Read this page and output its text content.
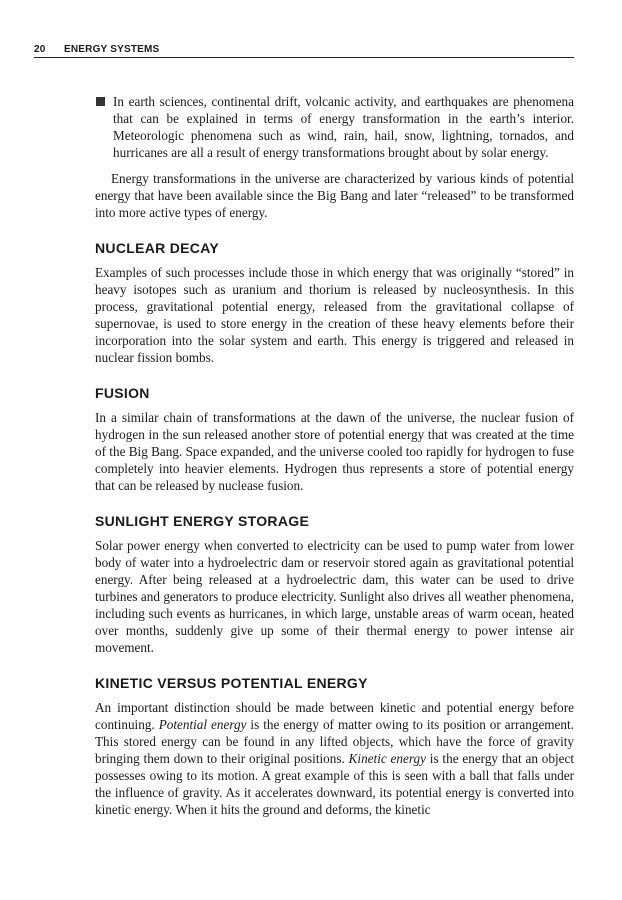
20 ENERGY SYSTEMS
In earth sciences, continental drift, volcanic activity, and earthquakes are phenomena that can be explained in terms of energy transformation in the earth’s interior. Meteorologic phenomena such as wind, rain, hail, snow, lightning, tornados, and hurricanes are all a result of energy transformations brought about by solar energy.

Energy transformations in the universe are characterized by various kinds of potential energy that have been available since the Big Bang and later “released” to be transformed into more active types of energy.

NUCLEAR DECAY

Examples of such processes include those in which energy that was originally “stored” in heavy isotopes such as uranium and thorium is released by nucleosynthesis. In this process, gravitational potential energy, released from the gravitational collapse of supernovae, is used to store energy in the creation of these heavy elements before their incorporation into the solar system and earth. This energy is triggered and released in nuclear fission bombs.

FUSION

In a similar chain of transformations at the dawn of the universe, the nuclear fusion of hydrogen in the sun released another store of potential energy that was created at the time of the Big Bang. Space expanded, and the universe cooled too rapidly for hydrogen to fuse completely into heavier elements. Hydrogen thus represents a store of potential energy that can be released by nuclease fusion.

SUNLIGHT ENERGY STORAGE

Solar power energy when converted to electricity can be used to pump water from lower body of water into a hydroelectric dam or reservoir stored again as gravitational potential energy. After being released at a hydroelectric dam, this water can be used to drive turbines and generators to produce electricity. Sunlight also drives all weather phenomena, including such events as hurricanes, in which large, unstable areas of warm ocean, heated over months, suddenly give up some of their thermal energy to power intense air movement.

KINETIC VERSUS POTENTIAL ENERGY

An important distinction should be made between kinetic and potential energy before continuing. Potential energy is the energy of matter owing to its position or arrangement. This stored energy can be found in any lifted objects, which have the force of gravity bringing them down to their original positions. Kinetic energy is the energy that an object possesses owing to its motion. A great example of this is seen with a ball that falls under the influence of gravity. As it accelerates downward, its potential energy is converted into kinetic energy. When it hits the ground and deforms, the kinetic
